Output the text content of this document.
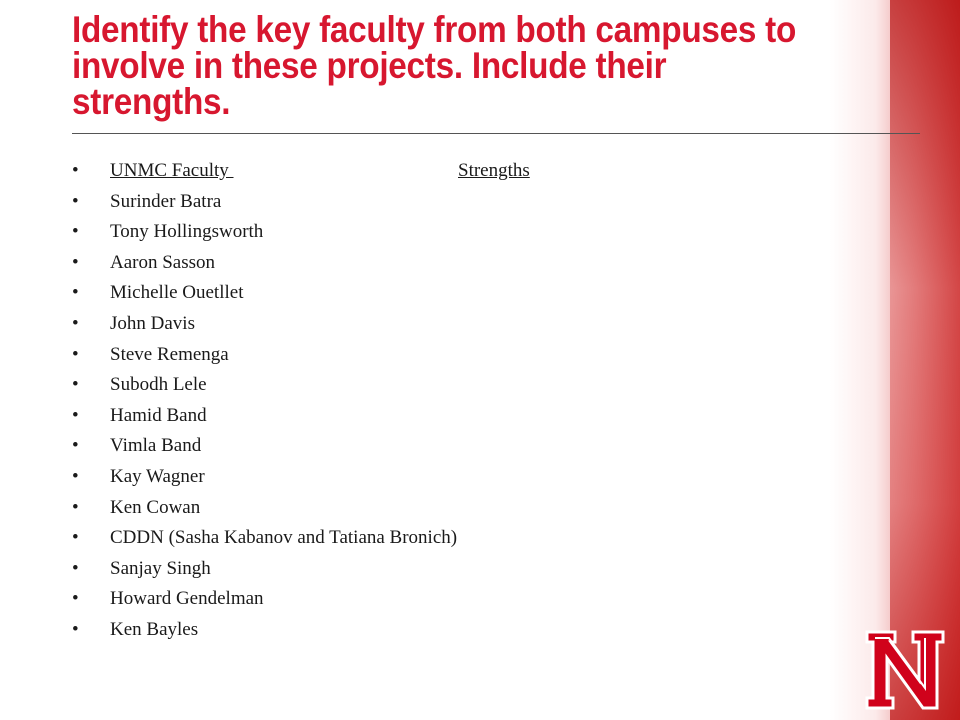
Identify the key faculty from both campuses to involve in these projects. Include their strengths.
• UNMC Faculty	Strengths
• Surinder Batra
• Tony Hollingsworth
• Aaron Sasson
• Michelle Ouetllet
• John Davis
• Steve Remenga
• Subodh Lele
• Hamid Band
• Vimla Band
• Kay Wagner
• Ken Cowan
• CDDN (Sasha Kabanov and Tatiana Bronich)
• Sanjay Singh
• Howard Gendelman
• Ken Bayles
